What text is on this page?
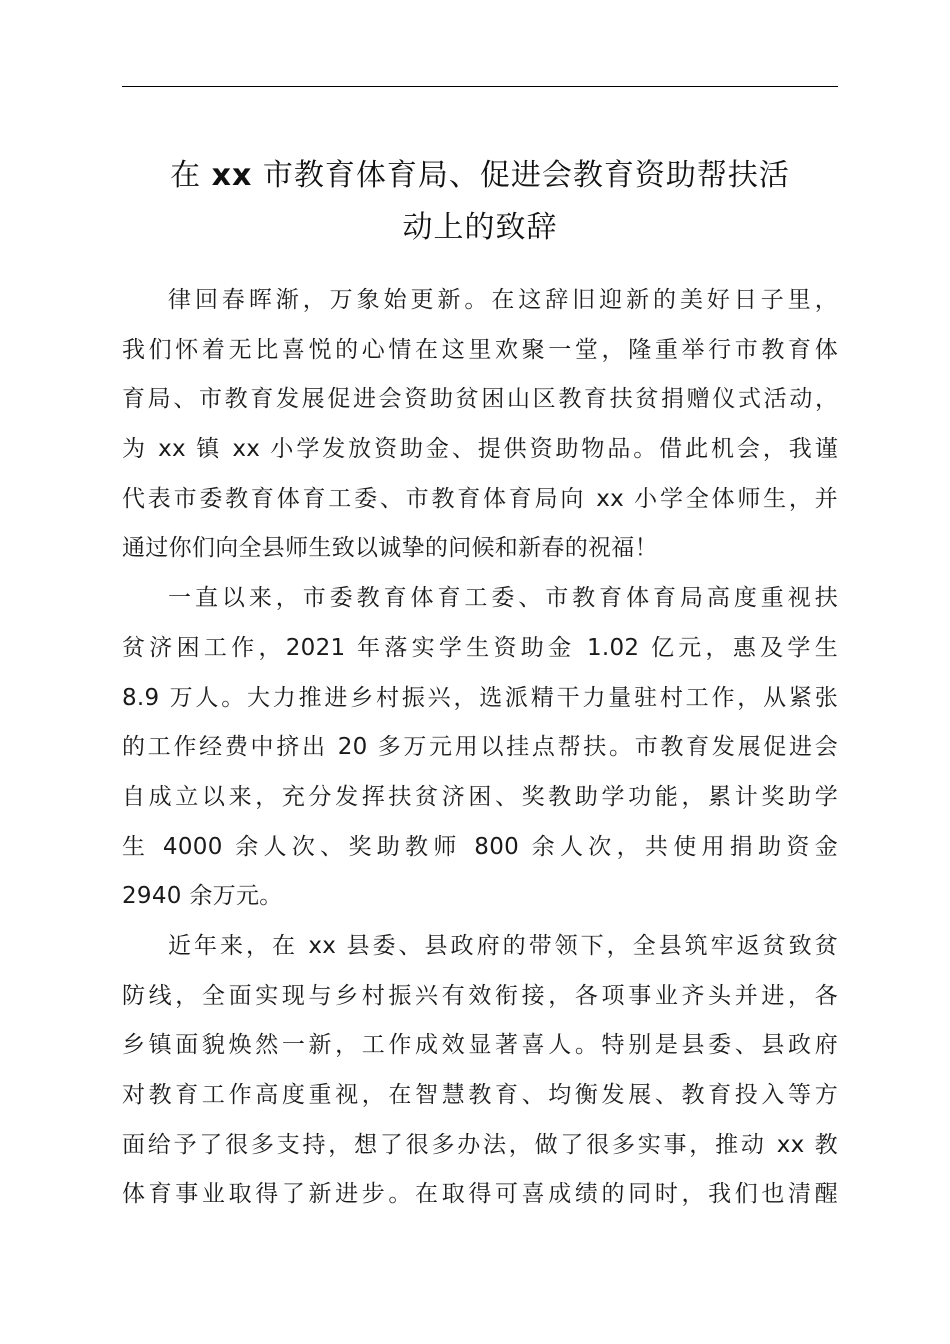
在 xx 市教育体育局、促进会教育资助帮扶活
动上的致辞
律回春晖渐，万象始更新。在这辞旧迎新的美好日子里，
我们怀着无比喜悦的心情在这里欢聚一堂，隆重举行市教育体
育局、市教育发展促进会资助贫困山区教育扶贫捐赠仪式活动，
为 xx 镇 xx 小学发放资助金、提供资助物品。借此机会，我谨
代表市委教育体育工委、市教育体育局向 xx 小学全体师生，并
通过你们向全县师生致以诚挚的问候和新春的祝福！
一直以来，市委教育体育工委、市教育体育局高度重视扶
贫济困工作，2021 年落实学生资助金 1.02 亿元，惠及学生
8.9 万人。大力推进乡村振兴，选派精干力量驻村工作，从紧张
的工作经费中挤出 20 多万元用以挂点帮扶。市教育发展促进会
自成立以来，充分发挥扶贫济困、奖教助学功能，累计奖助学
生 4000 余人次、奖助教师 800 余人次，共使用捐助资金
2940 余万元。
近年来，在 xx 县委、县政府的带领下，全县筑牢返贫致贫
防线，全面实现与乡村振兴有效衔接，各项事业齐头并进，各
乡镇面貌焕然一新，工作成效显著喜人。特别是县委、县政府
对教育工作高度重视，在智慧教育、均衡发展、教育投入等方
面给予了很多支持，想了很多办法，做了很多实事，推动 xx 教
体育事业取得了新进步。在取得可喜成绩的同时，我们也清醒
